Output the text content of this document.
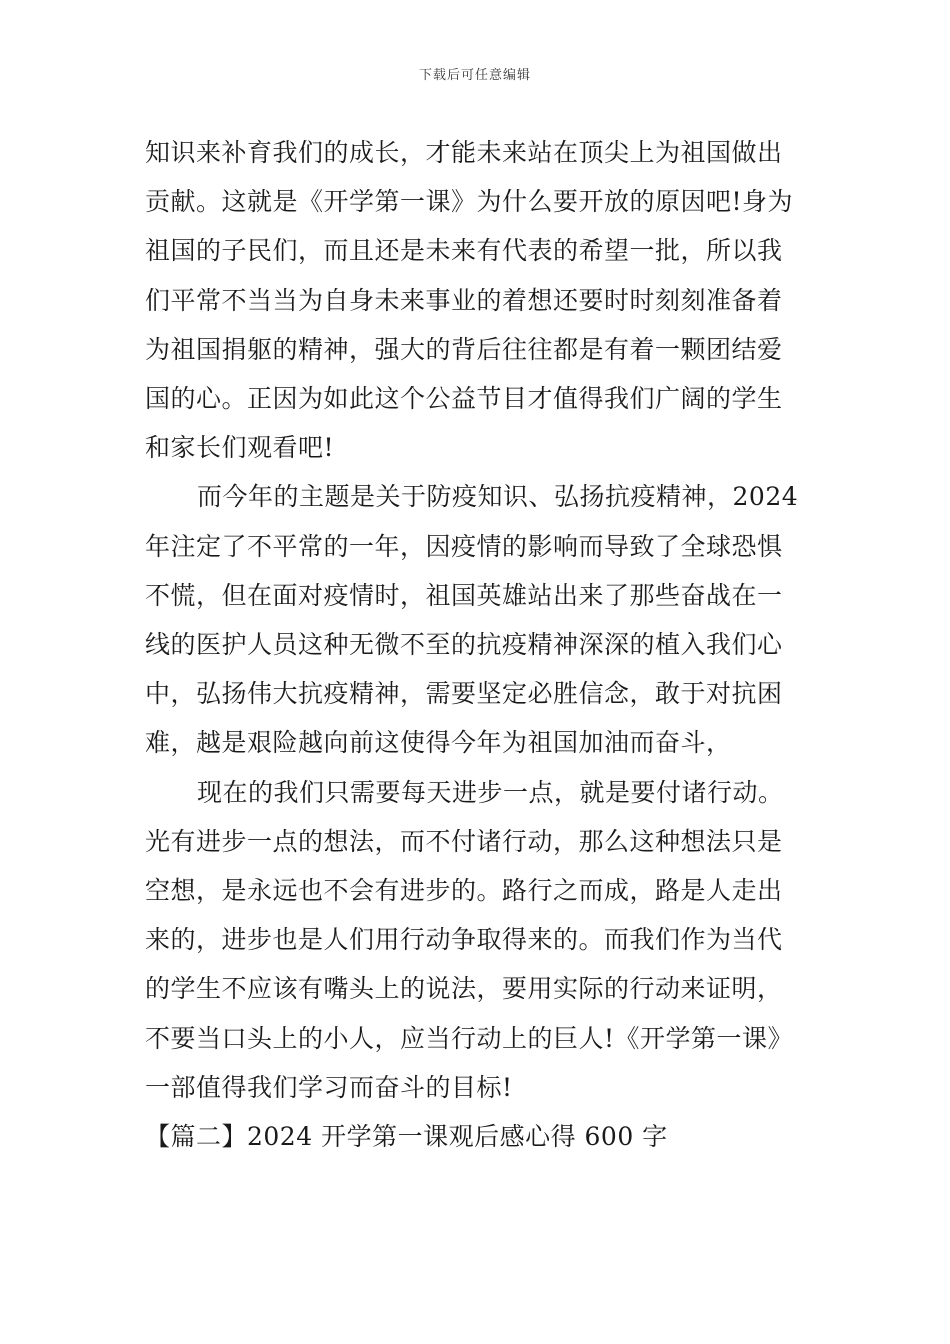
下载后可任意编辑

知识来补育我们的成长，才能未来站在顶尖上为祖国做出
贡献。这就是《开学第一课》为什么要开放的原因吧!身为
祖国的子民们，而且还是未来有代表的希望一批，所以我
们平常不当当为自身未来事业的着想还要时时刻刻准备着
为祖国捐躯的精神，强大的背后往往都是有着一颗团结爱
国的心。正因为如此这个公益节目才值得我们广阔的学生
和家长们观看吧!

而今年的主题是关于防疫知识、弘扬抗疫精神，2024
年注定了不平常的一年，因疫情的影响而导致了全球恐惧
不慌，但在面对疫情时，祖国英雄站出来了那些奋战在一
线的医护人员这种无微不至的抗疫精神深深的植入我们心
中，弘扬伟大抗疫精神，需要坚定必胜信念，敢于对抗困
难，越是艰险越向前这使得今年为祖国加油而奋斗，

现在的我们只需要每天进步一点，就是要付诸行动。
光有进步一点的想法，而不付诸行动，那么这种想法只是
空想，是永远也不会有进步的。路行之而成，路是人走出
来的，进步也是人们用行动争取得来的。而我们作为当代
的学生不应该有嘴头上的说法，要用实际的行动来证明，
不要当口头上的小人，应当行动上的巨人!《开学第一课》
一部值得我们学习而奋斗的目标!

【篇二】2024 开学第一课观后感心得 600 字
